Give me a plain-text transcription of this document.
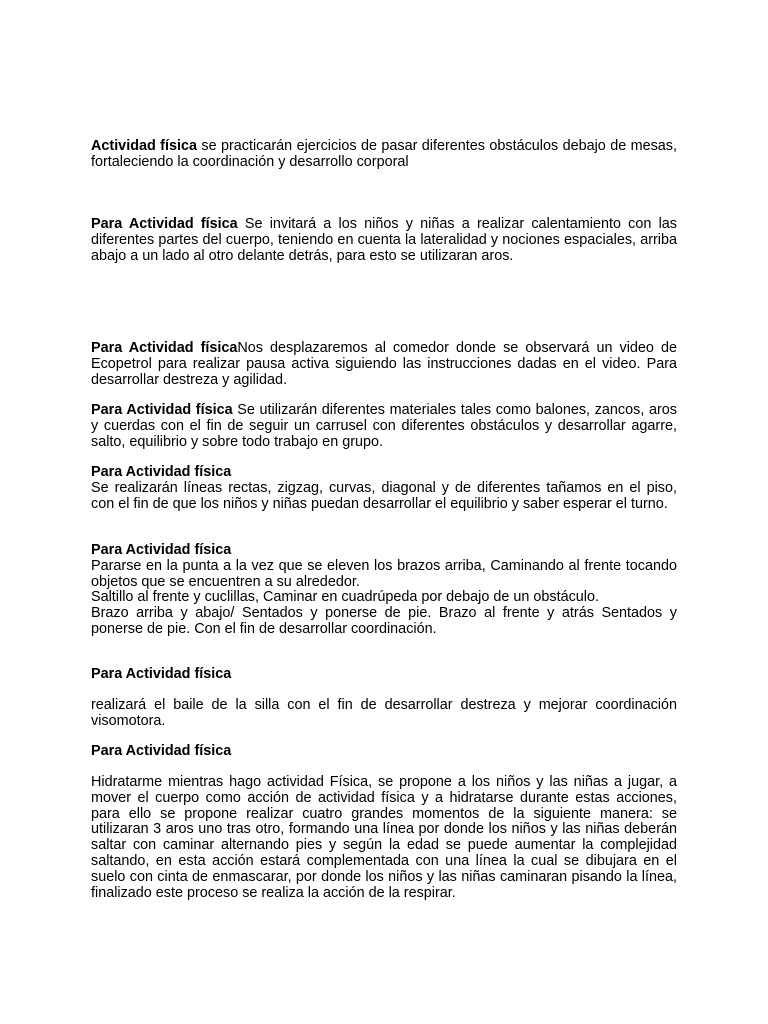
Actividad física se practicarán ejercicios de pasar diferentes obstáculos debajo de mesas, fortaleciendo la coordinación y desarrollo corporal

Para Actividad física Se invitará a los niños y niñas a realizar calentamiento con las diferentes partes del cuerpo, teniendo en cuenta la lateralidad y nociones espaciales, arriba abajo a un lado al otro delante detrás, para esto se utilizaran aros.

Para Actividad físicaNos desplazaremos al comedor donde se observará un video de Ecopetrol para realizar pausa activa siguiendo las instrucciones dadas en el video. Para desarrollar destreza y agilidad.

Para Actividad física Se utilizarán diferentes materiales tales como balones, zancos, aros y cuerdas con el fin de seguir un carrusel con diferentes obstáculos y desarrollar agarre, salto, equilibrio y sobre todo trabajo en grupo.

Para Actividad física
Se realizarán líneas rectas, zigzag, curvas, diagonal y de diferentes tañamos en el piso, con el fin de que los niños y niñas puedan desarrollar el equilibrio y saber esperar el turno.

Para Actividad física
Pararse en la punta a la vez que se eleven los brazos arriba, Caminando al frente tocando objetos que se encuentren a su alrededor.
Saltillo al frente y cuclillas, Caminar en cuadrúpeda por debajo de un obstáculo.
Brazo arriba y abajo/ Sentados y ponerse de pie. Brazo al frente y atrás Sentados y ponerse de pie. Con el fin de desarrollar coordinación.

Para Actividad física

realizará el baile de la silla con el fin de desarrollar destreza y mejorar coordinación visomotora.

Para Actividad física

Hidratarme mientras hago actividad Física, se propone a los niños y las niñas a jugar, a mover el cuerpo como acción de actividad física y a hidratarse durante estas acciones, para ello se propone realizar cuatro grandes momentos de la siguiente manera: se utilizaran 3 aros uno tras otro, formando una línea por donde los niños y las niñas deberán saltar con caminar alternando pies y según la edad se puede aumentar la complejidad saltando, en esta acción estará complementada con una línea la cual se dibujara en el suelo con cinta de enmascarar, por donde los niños y las niñas caminaran pisando la línea, finalizado este proceso se realiza la acción de la respirar.
